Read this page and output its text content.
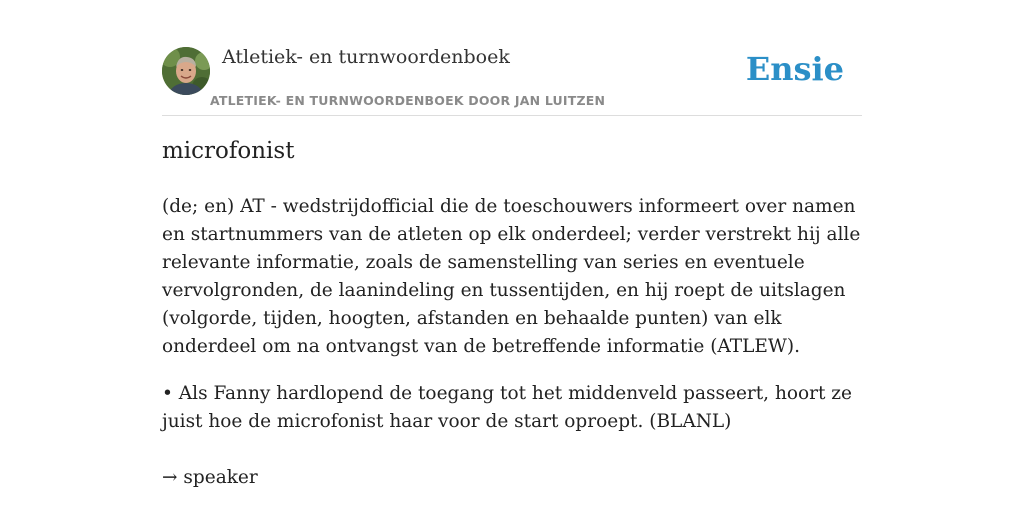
Atletiek- en turnwoordenboek
ATLETIEK- EN TURNWOORDENBOEK DOOR JAN LUITZEN
Ensie
microfonist

(de; en) AT - wedstrijdofficial die de toeschouwers informeert over namen en startnummers van de atleten op elk onderdeel; verder verstrekt hij alle relevante informatie, zoals de samenstelling van series en eventuele vervolgronden, de laanindeling en tussentijden, en hij roept de uitslagen (volgorde, tijden, hoogten, afstanden en behaalde punten) van elk onderdeel om na ontvangst van de betreffende informatie (ATLEW).

• Als Fanny hardlopend de toegang tot het middenveld passeert, hoort ze juist hoe de microfonist haar voor de start oproept. (BLANL)

→ speaker
